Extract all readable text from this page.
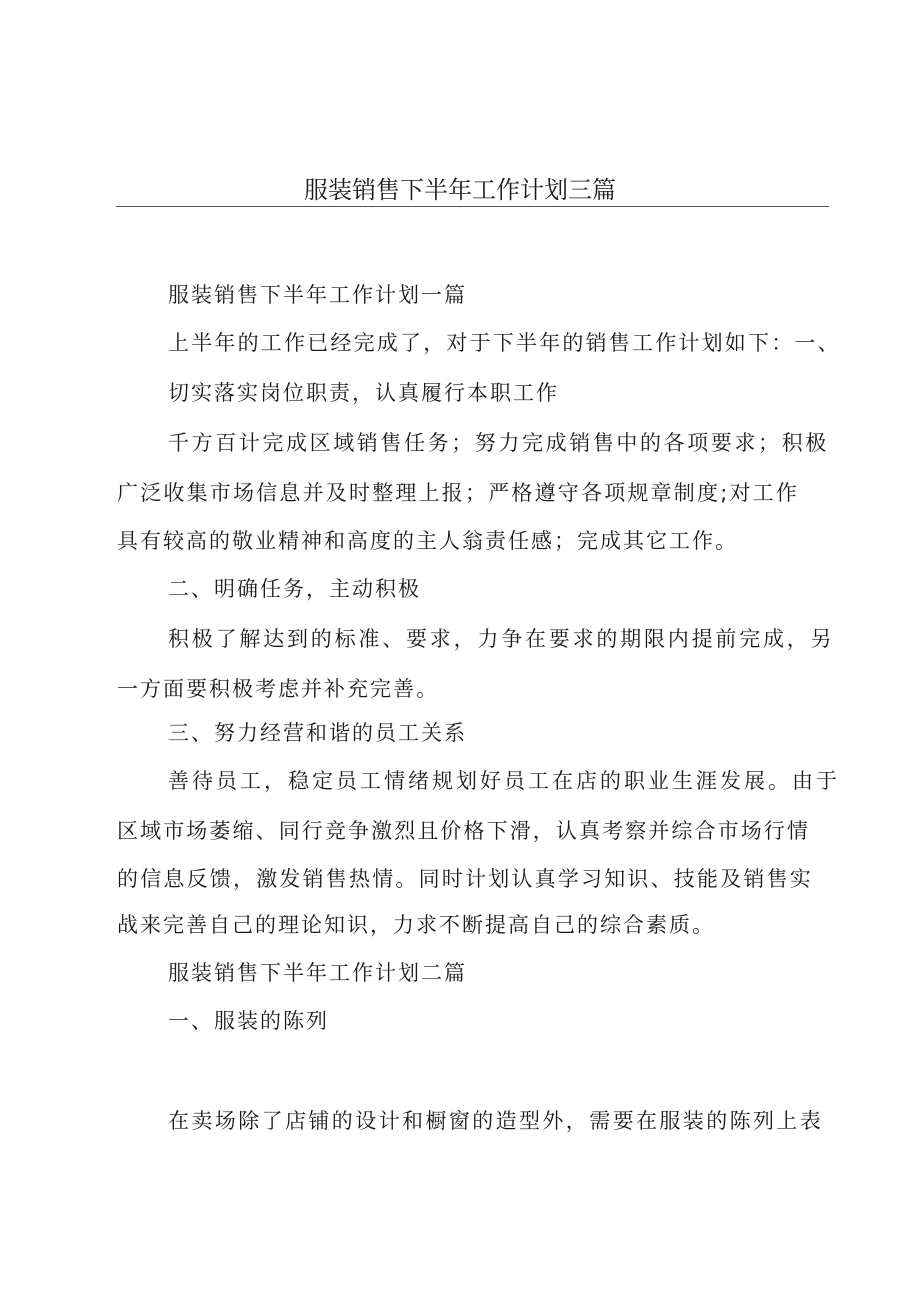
服装销售下半年工作计划三篇

服装销售下半年工作计划一篇

上半年的工作已经完成了，对于下半年的销售工作计划如下：一、

切实落实岗位职责，认真履行本职工作

千方百计完成区域销售任务；努力完成销售中的各项要求；积极

广泛收集市场信息并及时整理上报；严格遵守各项规章制度;对工作

具有较高的敬业精神和高度的主人翁责任感；完成其它工作。

二、明确任务，主动积极

积极了解达到的标准、要求，力争在要求的期限内提前完成，另

一方面要积极考虑并补充完善。

三、努力经营和谐的员工关系

善待员工，稳定员工情绪规划好员工在店的职业生涯发展。由于

区域市场萎缩、同行竞争激烈且价格下滑，认真考察并综合市场行情

的信息反馈，激发销售热情。同时计划认真学习知识、技能及销售实

战来完善自己的理论知识，力求不断提高自己的综合素质。

服装销售下半年工作计划二篇

一、服装的陈列

在卖场除了店铺的设计和橱窗的造型外，需要在服装的陈列上表
